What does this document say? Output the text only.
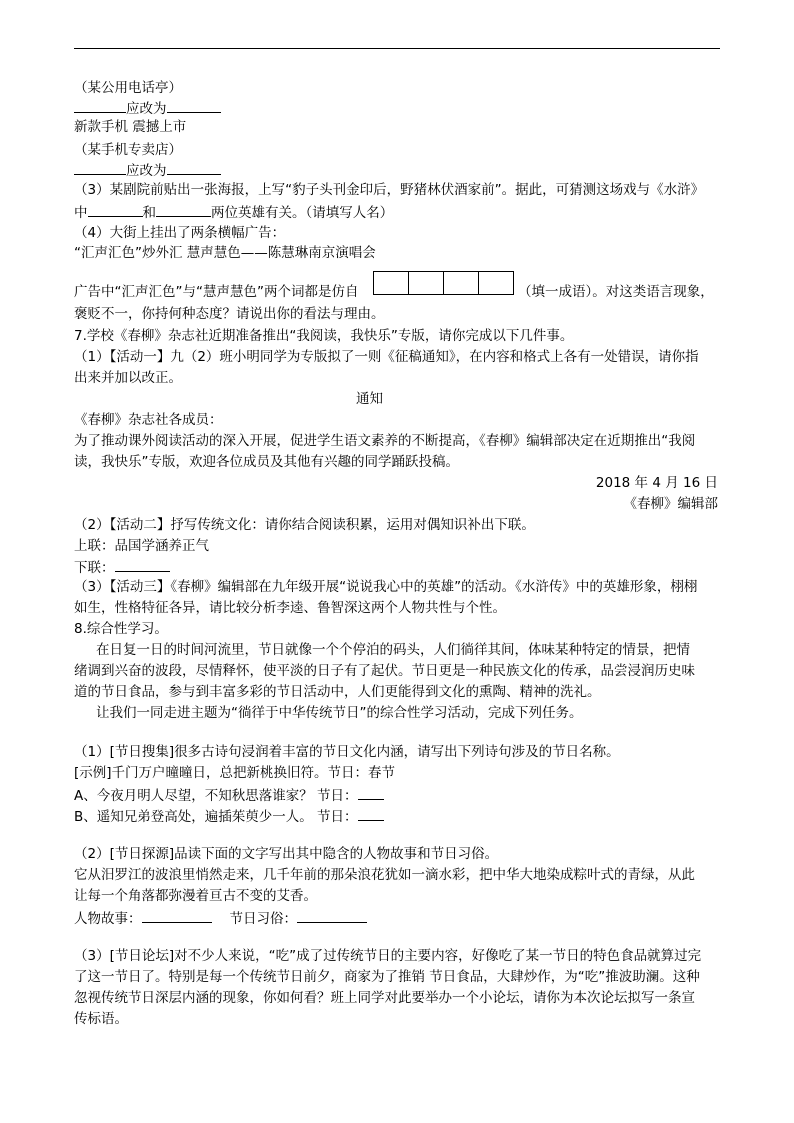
（某公用电话亭）
应改为
新款手机 震撼上市
（某手机专卖店）
应改为
（3）某剧院前贴出一张海报，上写“豹子头刊金印后，野猪林伏酒家前”。据此，可猜测这场戏与《水浒》
中	和	两位英雄有关。（请填写人名）
（4）大街上挂出了两条横幅广告：
“汇声汇色”炒外汇 慧声慧色——陈慧琳南京演唱会
广告中“汇声汇色”与“慧声慧色”两个词都是仿自	（填一成语）。对这类语言现象，
褒贬不一，你持何种态度？请说出你的看法与理由。
7.学校《春柳》杂志社近期准备推出“我阅读，我快乐”专版，请你完成以下几件事。
（1）【活动一】九（2）班小明同学为专版拟了一则《征稿通知》，在内容和格式上各有一处错误，请你指
出来并加以改正。
通知
《春柳》杂志社各成员：
为了推动课外阅读活动的深入开展，促进学生语文素养的不断提高，《春柳》编辑部决定在近期推出“我阅
读，我快乐”专版，欢迎各位成员及其他有兴趣的同学踊跃投稿。
2018 年 4 月 16 日
《春柳》编辑部
（2）【活动二】抒写传统文化：请你结合阅读积累，运用对偶知识补出下联。
上联：品国学涵养正气
下联：
（3）【活动三】《春柳》编辑部在九年级开展“说说我心中的英雄”的活动。《水浒传》中的英雄形象，栩栩
如生，性格特征各异，请比较分析李逵、鲁智深这两个人物共性与个性。
8.综合性学习。
在日复一日的时间河流里，节日就像一个个停泊的码头，人们徜徉其间，体味某种特定的情景，把情
绪调到兴奋的波段，尽情释怀，使平淡的日子有了起伏。节日更是一种民族文化的传承，品尝浸润历史味
道的节日食品，参与到丰富多彩的节日活动中，人们更能得到文化的熏陶、精神的洗礼。
让我们一同走进主题为“徜徉于中华传统节日”的综合性学习活动，完成下列任务。
（1）[节日搜集]很多古诗句浸润着丰富的节日文化内涵，请写出下列诗句涉及的节日名称。
[示例]千门万户曈曈日，总把新桃换旧符。节日：春节
A、今夜月明人尽望，不知秋思落谁家？ 节日：
B、遥知兄弟登高处，遍插茱萸少一人。 节日：
（2）[节日探源]品读下面的文字写出其中隐含的人物故事和节日习俗。
它从汨罗江的波浪里悄然走来，几千年前的那朵浪花犹如一滴水彩，把中华大地染成粽叶式的青绿，从此
让每一个角落都弥漫着亘古不变的艾香。
人物故事：	节日习俗：
（3）[节日论坛]对不少人来说，“吃”成了过传统节日的主要内容，好像吃了某一节日的特色食品就算过完
了这一节日了。特别是每一个传统节日前夕，商家为了推销 节日食品，大肆炒作，为“吃”推波助澜。这种
忽视传统节日深层内涵的现象，你如何看？班上同学对此要举办一个小论坛，请你为本次论坛拟写一条宣
传标语。
